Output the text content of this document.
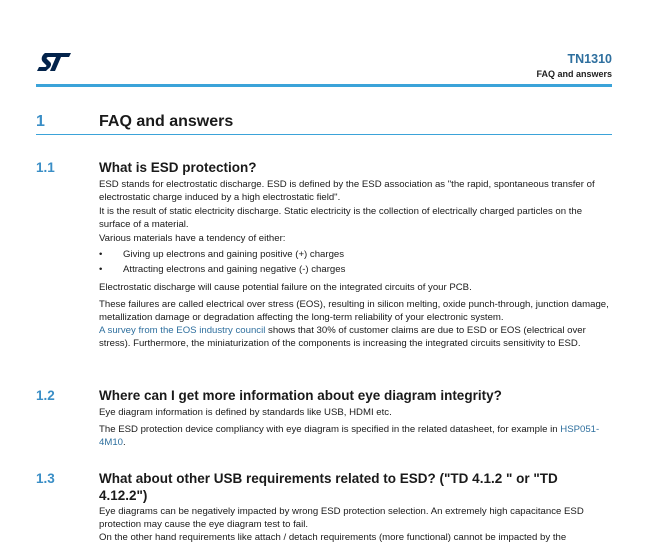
TN1310
FAQ and answers
1	FAQ and answers
1.1	What is ESD protection?
ESD stands for electrostatic discharge. ESD is defined by the ESD association as "the rapid, spontaneous transfer of electrostatic charge induced by a high electrostatic field".
It is the result of static electricity discharge. Static electricity is the collection of electrically charged particles on the surface of a material.
Various materials have a tendency of either:
• Giving up electrons and gaining positive (+) charges
• Attracting electrons and gaining negative (-) charges
Electrostatic discharge will cause potential failure on the integrated circuits of your PCB.
These failures are called electrical over stress (EOS), resulting in silicon melting, oxide punch-through, junction damage, metallization damage or degradation affecting the long-term reliability of your electronic system.
A survey from the EOS industry council shows that 30% of customer claims are due to ESD or EOS (electrical over stress). Furthermore, the miniaturization of the components is increasing the integrated circuits sensitivity to ESD.
1.2	Where can I get more information about eye diagram integrity?
Eye diagram information is defined by standards like USB, HDMI etc.
The ESD protection device compliancy with eye diagram is specified in the related datasheet, for example in HSP051-4M10.
1.3	What about other USB requirements related to ESD? ("TD 4.1.2 " or "TD
4.12.2")
Eye diagrams can be negatively impacted by wrong ESD protection selection. An extremely high capacitance ESD protection may cause the eye diagram test to fail.
On the other hand requirements like attach / detach requirements (more functional) cannot be impacted by the
